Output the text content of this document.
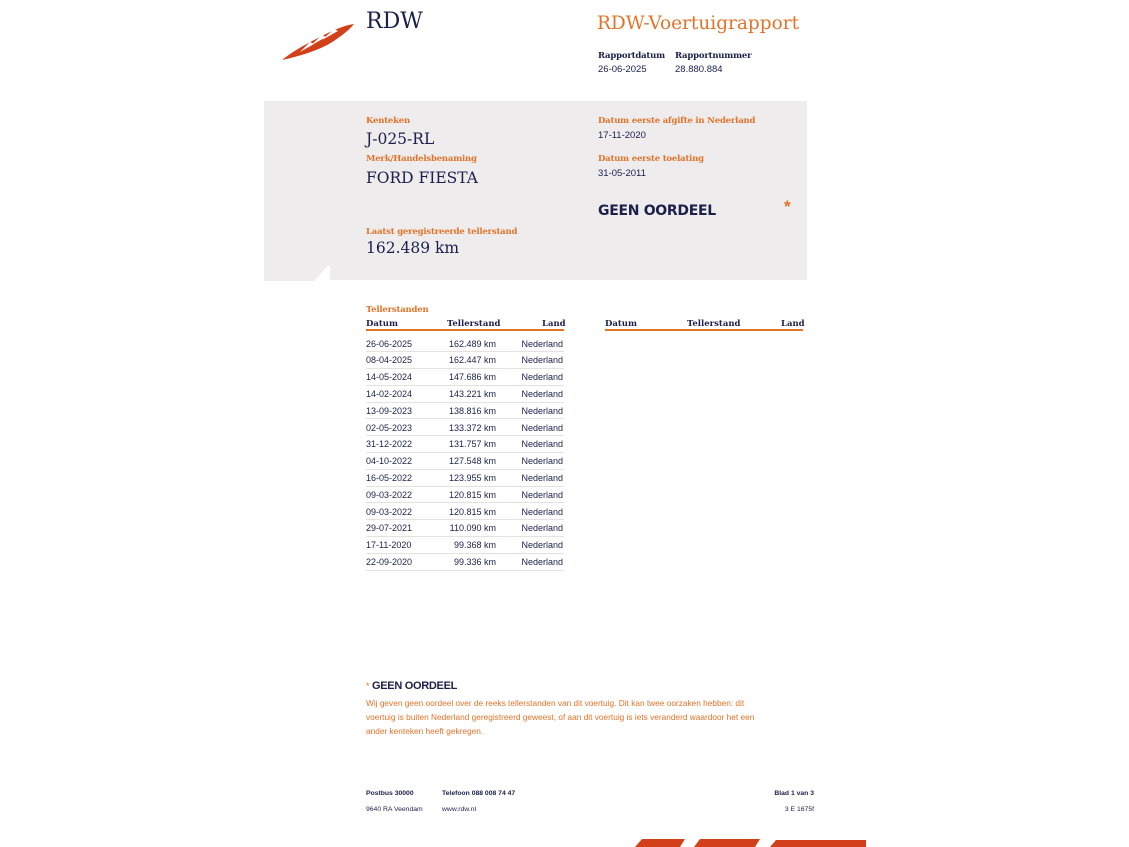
RDW	RDW-Voertuigrapport
Rapportdatum
26-06-2025
Rapportnummer
28.880.884
Kenteken
J-025-RL
Merk/Handelsbenaming
FORD FIESTA
Datum eerste afgifte in Nederland
17-11-2020
Datum eerste toelating
31-05-2011
GEEN OORDEEL	*
Laatst geregistreerde tellerstand
162.489 km
Tellerstanden
Datum	Tellerstand	Land	Datum	Tellerstand	Land
26-06-2025	162.489 km	Nederland
08-04-2025	162.447 km	Nederland
14-05-2024	147.686 km	Nederland
14-02-2024	143.221 km	Nederland
13-09-2023	138.816 km	Nederland
02-05-2023	133.372 km	Nederland
31-12-2022	131.757 km	Nederland
04-10-2022	127.548 km	Nederland
16-05-2022	123.955 km	Nederland
09-03-2022	120.815 km	Nederland
09-03-2022	120.815 km	Nederland
29-07-2021	110.090 km	Nederland
17-11-2020	99.368 km	Nederland
22-09-2020	99.336 km	Nederland
* GEEN OORDEEL
Wij geven geen oordeel over de reeks tellerstanden van dit voertuig. Dit kan twee oorzaken hebben: dit
voertuig is buiten Nederland geregistreerd geweest, of aan dit voertuig is iets veranderd waardoor het een
ander kenteken heeft gekregen.
Postbus 30000
9640 RA Veendam
Telefoon 088 008 74 47
www.rdw.nl
Blad 1 van 3
3 E 1675f
